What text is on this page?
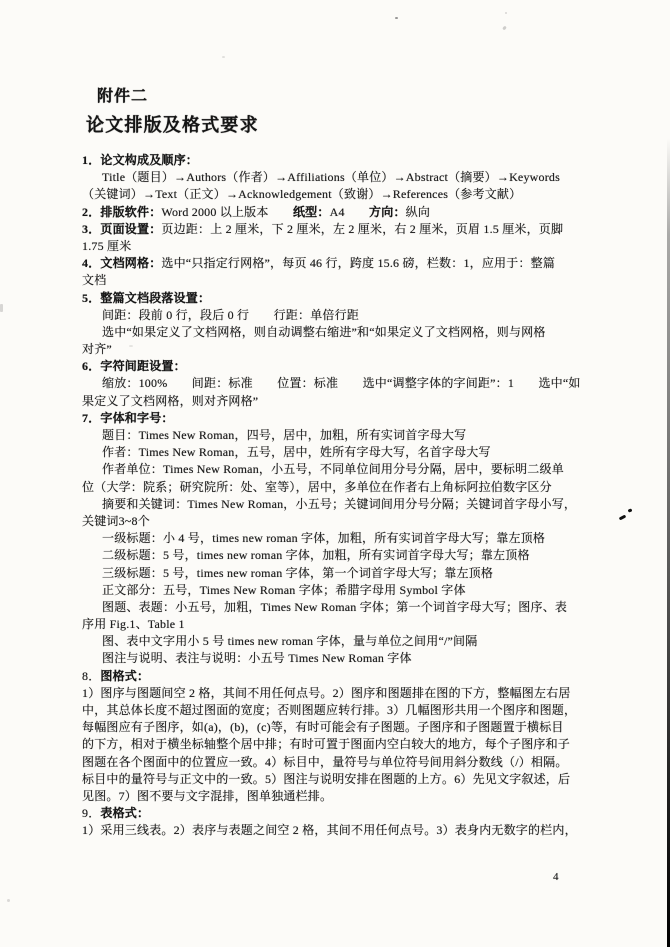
附件二
论文排版及格式要求
1．论文构成及顺序：
Title（题目）→Authors（作者）→Affiliations（单位）→Abstract（摘要）→Keywords
（关键词）→Text（正文）→Acknowledgement（致谢）→References（参考文献）
2．排版软件：Word 2000 以上版本　　纸型：A4　　方向：纵向
3．页面设置：页边距：上 2 厘米，下 2 厘米，左 2 厘米，右 2 厘米，页眉 1.5 厘米，页脚
1.75 厘米
4．文档网格：选中“只指定行网格”，每页 46 行，跨度 15.6 磅，栏数：1，应用于：整篇
文档
5．整篇文档段落设置：
间距：段前 0 行，段后 0 行　　行距：单倍行距
选中“如果定义了文档网格，则自动调整右缩进”和“如果定义了文档网格，则与网格
对齐”
6．字符间距设置：
缩放：100%　　间距：标准　　位置：标准　　选中“调整字体的字间距”：1　　选中“如
果定义了文档网格，则对齐网格”
7．字体和字号：
题目：Times New Roman，四号，居中，加粗，所有实词首字母大写
作者：Times New Roman，五号，居中，姓所有字母大写，名首字母大写
作者单位：Times New Roman，小五号，不同单位间用分号分隔，居中，要标明二级单
位（大学：院系；研究院所：处、室等），居中，多单位在作者右上角标阿拉伯数字区分
摘要和关键词：Times New Roman，小五号；关键词间用分号分隔；关键词首字母小写，
关键词3~8个
一级标题：小 4 号，times new roman 字体，加粗，所有实词首字母大写；靠左顶格
二级标题：5 号，times new roman 字体，加粗，所有实词首字母大写；靠左顶格
三级标题：5 号，times new roman 字体，第一个词首字母大写；靠左顶格
正文部分：五号，Times New Roman 字体；希腊字母用 Symbol 字体
图题、表题：小五号，加粗，Times New Roman 字体；第一个词首字母大写；图序、表
序用 Fig.1、Table 1
图、表中文字用小 5 号 times new roman 字体，量与单位之间用“/”间隔
图注与说明、表注与说明：小五号 Times New Roman 字体
8．图格式：
1）图序与图题间空 2 格，其间不用任何点号。2）图序和图题排在图的下方，整幅图左右居
中，其总体长度不超过图面的宽度；否则图题应转行排。3）几幅图形共用一个图序和图题，
每幅图应有子图序，如(a)，(b)，(c)等，有时可能会有子图题。子图序和子图题置于横标目
的下方，相对于横坐标轴整个居中排；有时可置于图面内空白较大的地方，每个子图序和子
图题在各个图面中的位置应一致。4）标目中，量符号与单位符号间用斜分数线（/）相隔。
标目中的量符号与正文中的一致。5）图注与说明安排在图题的上方。6）先见文字叙述，后
见图。7）图不要与文字混排，图单独通栏排。
9．表格式：
1）采用三线表。2）表序与表题之间空 2 格，其间不用任何点号。3）表身内无数字的栏内，
4
